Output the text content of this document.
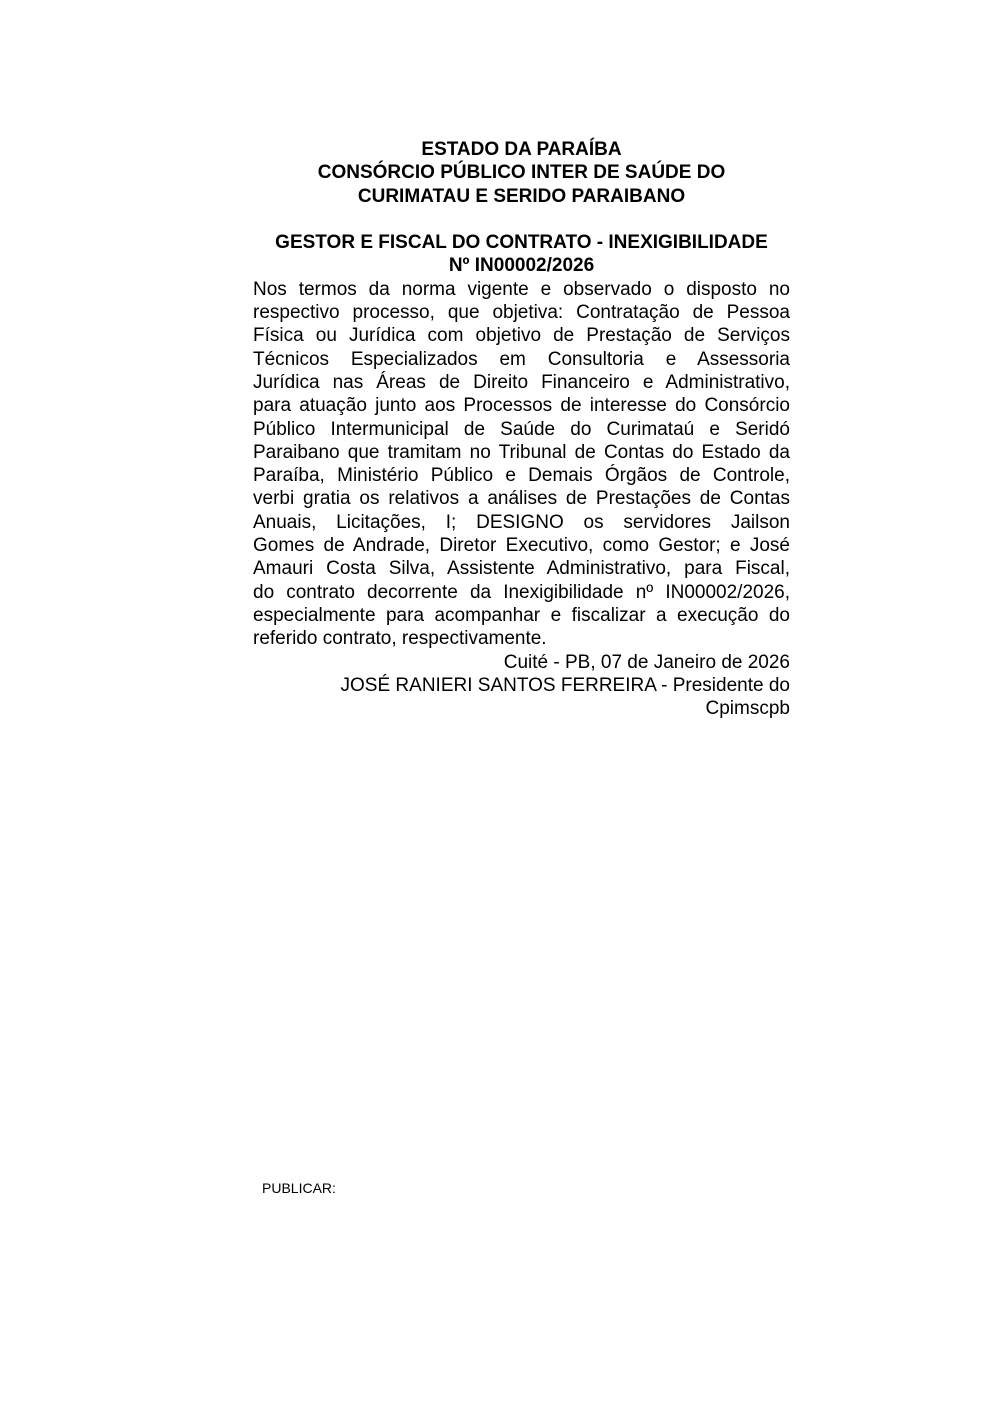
ESTADO DA PARAÍBA
CONSÓRCIO PÚBLICO INTER DE SAÚDE DO
CURIMATAU E SERIDO PARAIBANO
GESTOR E FISCAL DO CONTRATO - INEXIGIBILIDADE
Nº IN00002/2026
Nos termos da norma vigente e observado o disposto no
respectivo processo, que objetiva: Contratação de Pessoa
Física ou Jurídica com objetivo de Prestação de Serviços
Técnicos Especializados em Consultoria e Assessoria
Jurídica nas Áreas de Direito Financeiro e Administrativo,
para atuação junto aos Processos de interesse do Consórcio
Público Intermunicipal de Saúde do Curimataú e Seridó
Paraibano que tramitam no Tribunal de Contas do Estado da
Paraíba, Ministério Público e Demais Órgãos de Controle,
verbi gratia os relativos a análises de Prestações de Contas
Anuais, Licitações, I; DESIGNO os servidores Jailson
Gomes de Andrade, Diretor Executivo, como Gestor; e José
Amauri Costa Silva, Assistente Administrativo, para Fiscal,
do contrato decorrente da Inexigibilidade nº IN00002/2026,
especialmente para acompanhar e fiscalizar a execução do
referido contrato, respectivamente.
Cuité - PB, 07 de Janeiro de 2026
JOSÉ RANIERI SANTOS FERREIRA - Presidente do
Cpimscpb
PUBLICAR:
